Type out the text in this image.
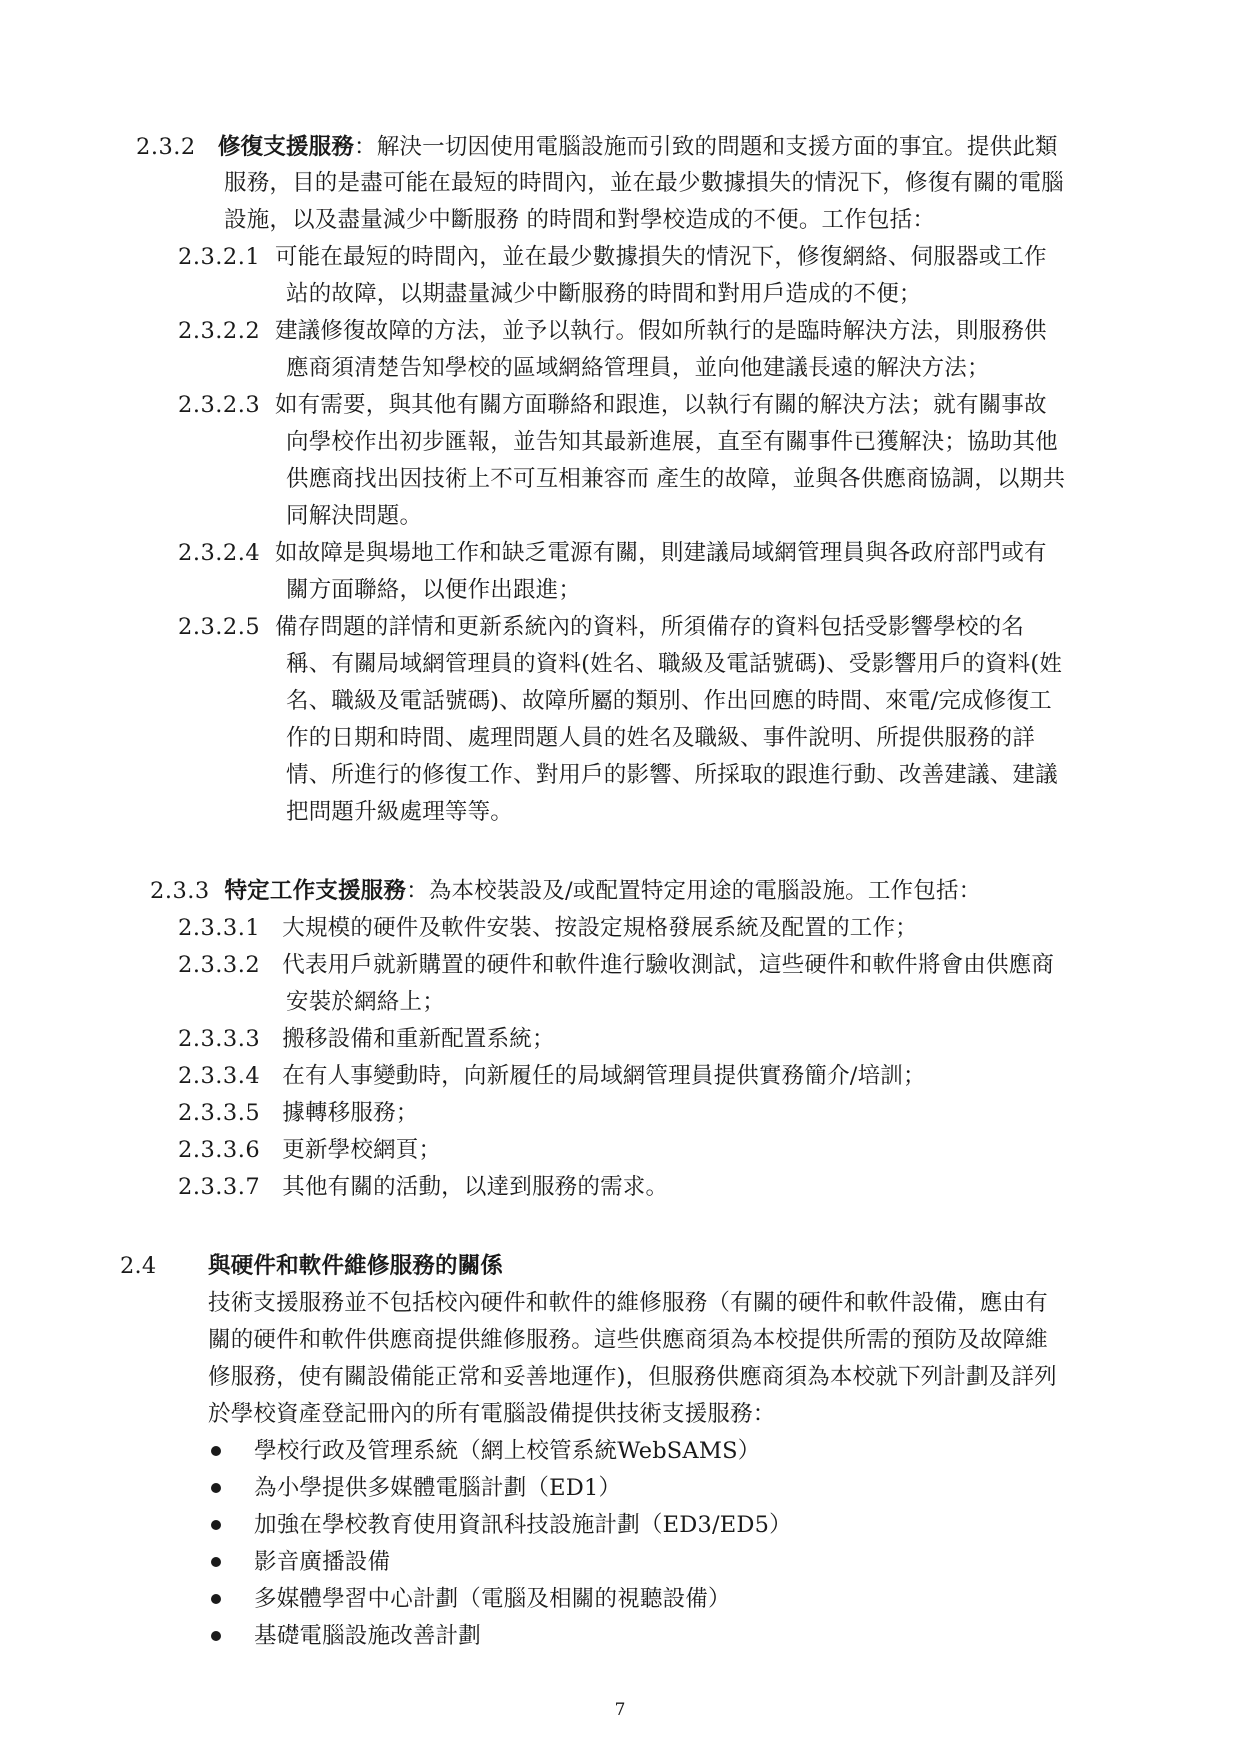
2.3.2 修復支援服務：解決一切因使用電腦設施而引致的問題和支援方面的事宜。提供此類
服務，目的是盡可能在最短的時間內，並在最少數據損失的情況下，修復有關的電腦
設施，以及盡量減少中斷服務 的時間和對學校造成的不便。工作包括：
2.3.2.1 可能在最短的時間內，並在最少數據損失的情況下，修復網絡、伺服器或工作
站的故障，以期盡量減少中斷服務的時間和對用戶造成的不便；
2.3.2.2 建議修復故障的方法，並予以執行。假如所執行的是臨時解決方法，則服務供
應商須清楚告知學校的區域網絡管理員，並向他建議長遠的解決方法；
2.3.2.3 如有需要，與其他有關方面聯絡和跟進，以執行有關的解決方法；就有關事故
向學校作出初步匯報，並告知其最新進展，直至有關事件已獲解決；協助其他
供應商找出因技術上不可互相兼容而 產生的故障，並與各供應商協調，以期共
同解決問題。
2.3.2.4 如故障是與場地工作和缺乏電源有關，則建議局域網管理員與各政府部門或有
關方面聯絡，以便作出跟進；
2.3.2.5 備存問題的詳情和更新系統內的資料，所須備存的資料包括受影響學校的名
稱、有關局域網管理員的資料(姓名、職級及電話號碼)、受影響用戶的資料(姓
名、職級及電話號碼)、故障所屬的類別、作出回應的時間、來電/完成修復工
作的日期和時間、處理問題人員的姓名及職級、事件說明、所提供服務的詳
情、所進行的修復工作、對用戶的影響、所採取的跟進行動、改善建議、建議
把問題升級處理等等。
2.3.3 特定工作支援服務：為本校裝設及/或配置特定用途的電腦設施。工作包括：
2.3.3.1 大規模的硬件及軟件安裝、按設定規格發展系統及配置的工作；
2.3.3.2 代表用戶就新購置的硬件和軟件進行驗收測試，這些硬件和軟件將會由供應商
安裝於網絡上；
2.3.3.3 搬移設備和重新配置系統；
2.3.3.4 在有人事變動時，向新履任的局域網管理員提供實務簡介/培訓；
2.3.3.5 據轉移服務；
2.3.3.6 更新學校網頁；
2.3.3.7 其他有關的活動，以達到服務的需求。
2.4 與硬件和軟件維修服務的關係
技術支援服務並不包括校內硬件和軟件的維修服務（有關的硬件和軟件設備，應由有
關的硬件和軟件供應商提供維修服務。這些供應商須為本校提供所需的預防及故障維
修服務，使有關設備能正常和妥善地運作)，但服務供應商須為本校就下列計劃及詳列
於學校資產登記冊內的所有電腦設備提供技術支援服務：
學校行政及管理系統（網上校管系統WebSAMS）
為小學提供多媒體電腦計劃（ED1）
加強在學校教育使用資訊科技設施計劃（ED3/ED5）
影音廣播設備
多媒體學習中心計劃（電腦及相關的視聽設備）
基礎電腦設施改善計劃
7
